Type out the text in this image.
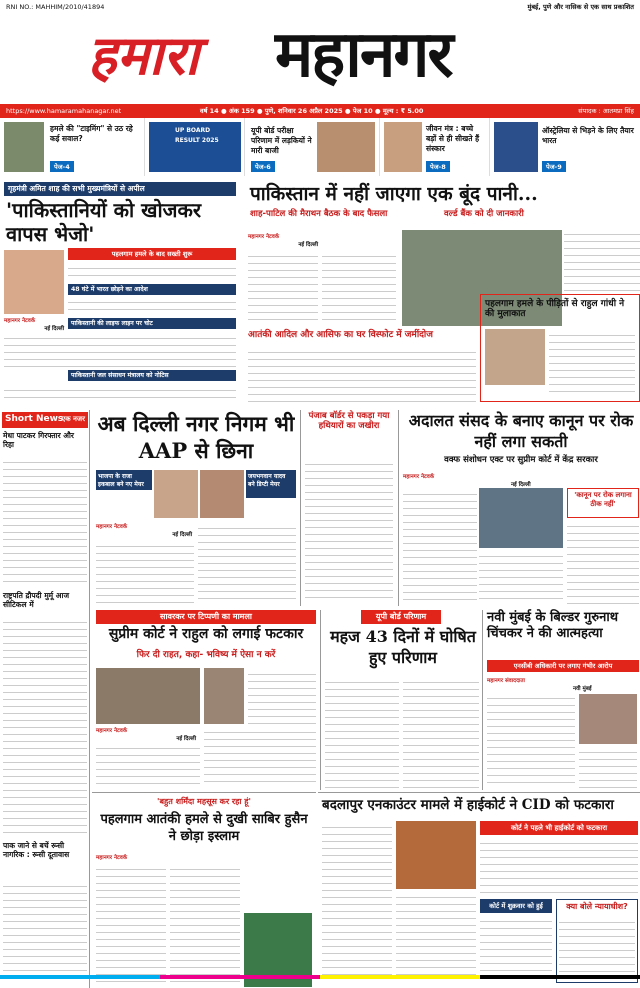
RNI NO.: MAHHIM/2010/41894	मुंबई, पुणे और नासिक से एक साथ प्रकाशित
हमारा महानगर
https://www.hamaramahanagar.net	वर्ष 14 ● अंक 159 ● पुणे, शनिवार 26 अप्रैल 2025 ● पेज 10 ● मूल्य : ₹ 5.00	संपादक : आतमप्रा सिंह
हमले की "टाइमिंग" से उठ रहे कई सवाल?
पेज-4
UP BOARD RESULT 2025
यूपी बोर्ड परीक्षा परिणाम में लड़कियों ने मारी बाजी
पेज-6
जीवन मंत्र : बच्चे बड़ों से ही सीखते हैं संस्कार
पेज-8
ऑस्ट्रेलिया से भिड़ने के लिए तैयार भारत
पेज-9
गृहमंत्री अमित शाह की सभी मुख्यमंत्रियों से अपील
'पाकिस्तानियों को खोजकर वापस भेजो'
महानगर नेटवर्क
नई दिल्ली
पहलगाम हमले के बाद सख्ती शुरू
48 घंटे में भारत छोड़ने का आदेश
पाकिस्तानी की लाइफ लाइन पर चोट
पाकिस्तानी जल संसाधन मंत्रालय को नोटिस
पाकिस्तान में नहीं जाएगा एक बूंद पानी...
शाह-पाटिल की मैराथन बैठक के बाद फैसला	वर्ल्ड बैंक को दी जानकारी
महानगर नेटवर्क
नई दिल्ली
पहलगाम हमले के पीड़ितों से राहुल गांधी ने की मुलाकात
आतंकी आदिल और आसिफ का घर विस्फोट में जमींदोज
Short News
एक नजर
मेधा पाटकर गिरफ्तार और रिहा
राष्ट्रपति द्रौपदी मुर्मू आज सीटिकल में
पाक जाने से बचें रूसी नागरिक : रूसी दूतावास
अब दिल्ली नगर निगम भी AAP से छिना
भाजपा के राजा इकबाल बने नए मेयर
जयभगवान यादव बने डिप्टी मेयर
महानगर नेटवर्क
नई दिल्ली
पंजाब बॉर्डर से पकड़ा गया हथियारों का जखीरा	अदालत संसद के बनाए कानून पर रोक नहीं लगा सकती
वक्फ संशोधन एक्ट पर सुप्रीम कोर्ट में केंद्र सरकार
महानगर नेटवर्क
नई दिल्ली
'कानून पर रोक लगाना ठीक नहीं'
सावरकर पर टिप्पणी का मामला
सुप्रीम कोर्ट ने राहुल को लगाई फटकार
फिर दी राहत, कहा- भविष्य में ऐसा न करें
महानगर नेटवर्क
नई दिल्ली
यूपी बोर्ड परिणाम
महज 43 दिनों में घोषित हुए परिणाम
नवी मुंबई के बिल्डर गुरुनाथ चिंचकर ने की आत्महत्या
एनसीबी अधिकारी पर लगाए गंभीर आरोप
महानगर संवाददाता
नवी मुंबई
'बहुत शर्मिंदा महसूस कर रहा हूं'
पहलगाम आतंकी हमले से दुखी साबिर हुसैन ने छोड़ा इस्लाम
महानगर नेटवर्क
बदलापुर एनकाउंटर मामले में हाईकोर्ट ने CID को फटकारा
कोर्ट ने पहले भी हाईकोर्ट को फटकारा
कोर्ट में शुक्रवार को हुई	क्या बोले न्यायाधीश?
